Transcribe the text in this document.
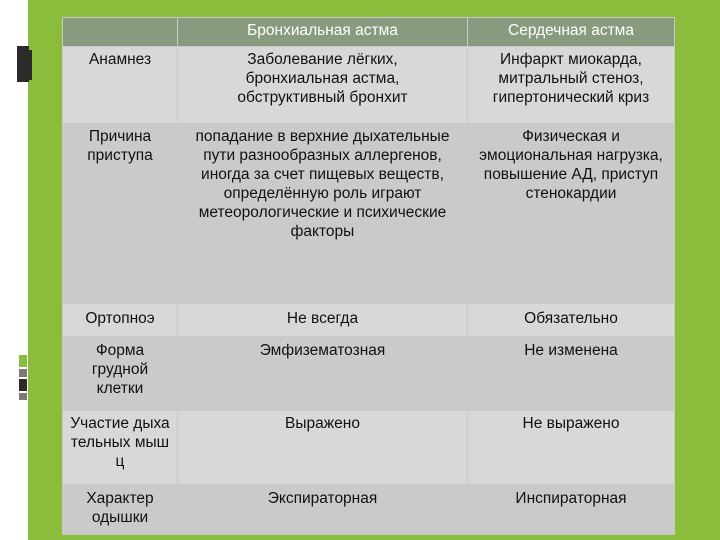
	Бронхиальная астма	Сердечная астма
Анамнез	Заболевание лёгких, бронхиальная астма, обструктивный бронхит	Инфаркт миокарда, митральный стеноз, гипертонический криз
Причина приступа	попадание в верхние дыхательные пути разнообразных аллергенов, иногда за счет пищевых веществ, определённую роль играют метеорологические и психические факторы	Физическая и эмоциональная нагрузка, повышение АД, приступ стенокардии
Ортопноэ	Не всегда	Обязательно
Форма грудной клетки	Эмфизематозная	Не изменена
Участие дыхательных мышц	Выражено	Не выражено
Характер одышки	Экспираторная	Инспираторная
